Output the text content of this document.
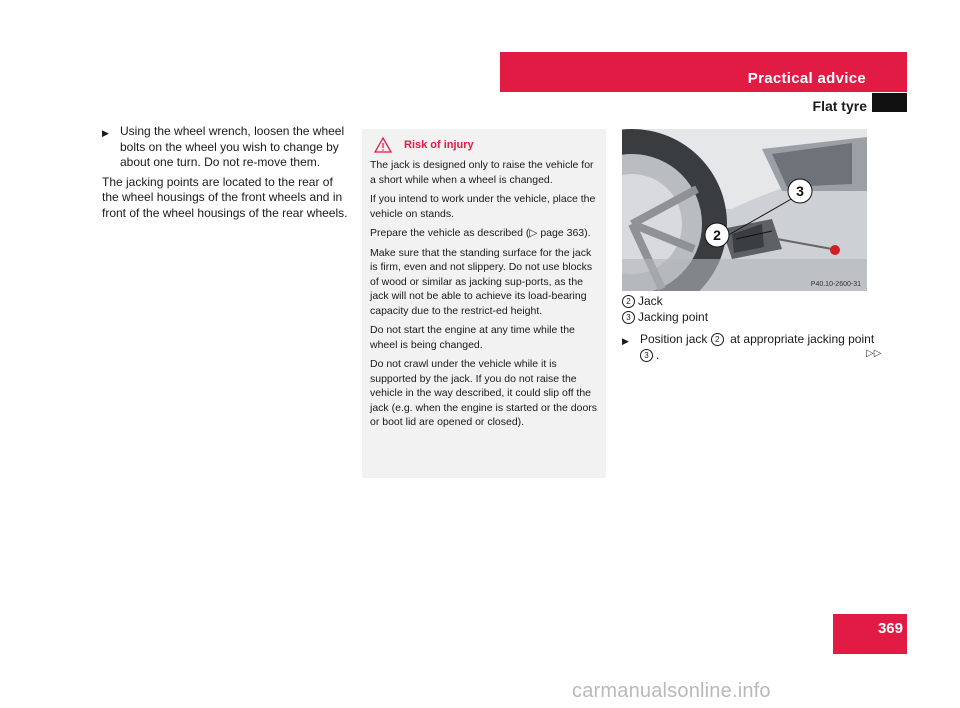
Practical advice
Flat tyre
▶ Using the wheel wrench, loosen the wheel bolts on the wheel you wish to change by about one turn. Do not re-move them.
The jacking points are located to the rear of the wheel housings of the front wheels and in front of the wheel housings of the rear wheels.
Risk of injury

The jack is designed only to raise the vehicle for a short while when a wheel is changed.

If you intend to work under the vehicle, place the vehicle on stands.

Prepare the vehicle as described (▷ page 363).

Make sure that the standing surface for the jack is firm, even and not slippery. Do not use blocks of wood or similar as jacking sup-ports, as the jack will not be able to achieve its load-bearing capacity due to the restrict-ed height.

Do not start the engine at any time while the wheel is being changed.

Do not crawl under the vehicle while it is supported by the jack. If you do not raise the vehicle in the way described, it could slip off the jack (e.g. when the engine is started or the doors or boot lid are opened or closed).

3
2
P40.10-2600-31
2 Jack
3 Jacking point
▶ Position jack 2 at appropriate jacking point 3 .	▷▷
369
carmanualsonline.info
